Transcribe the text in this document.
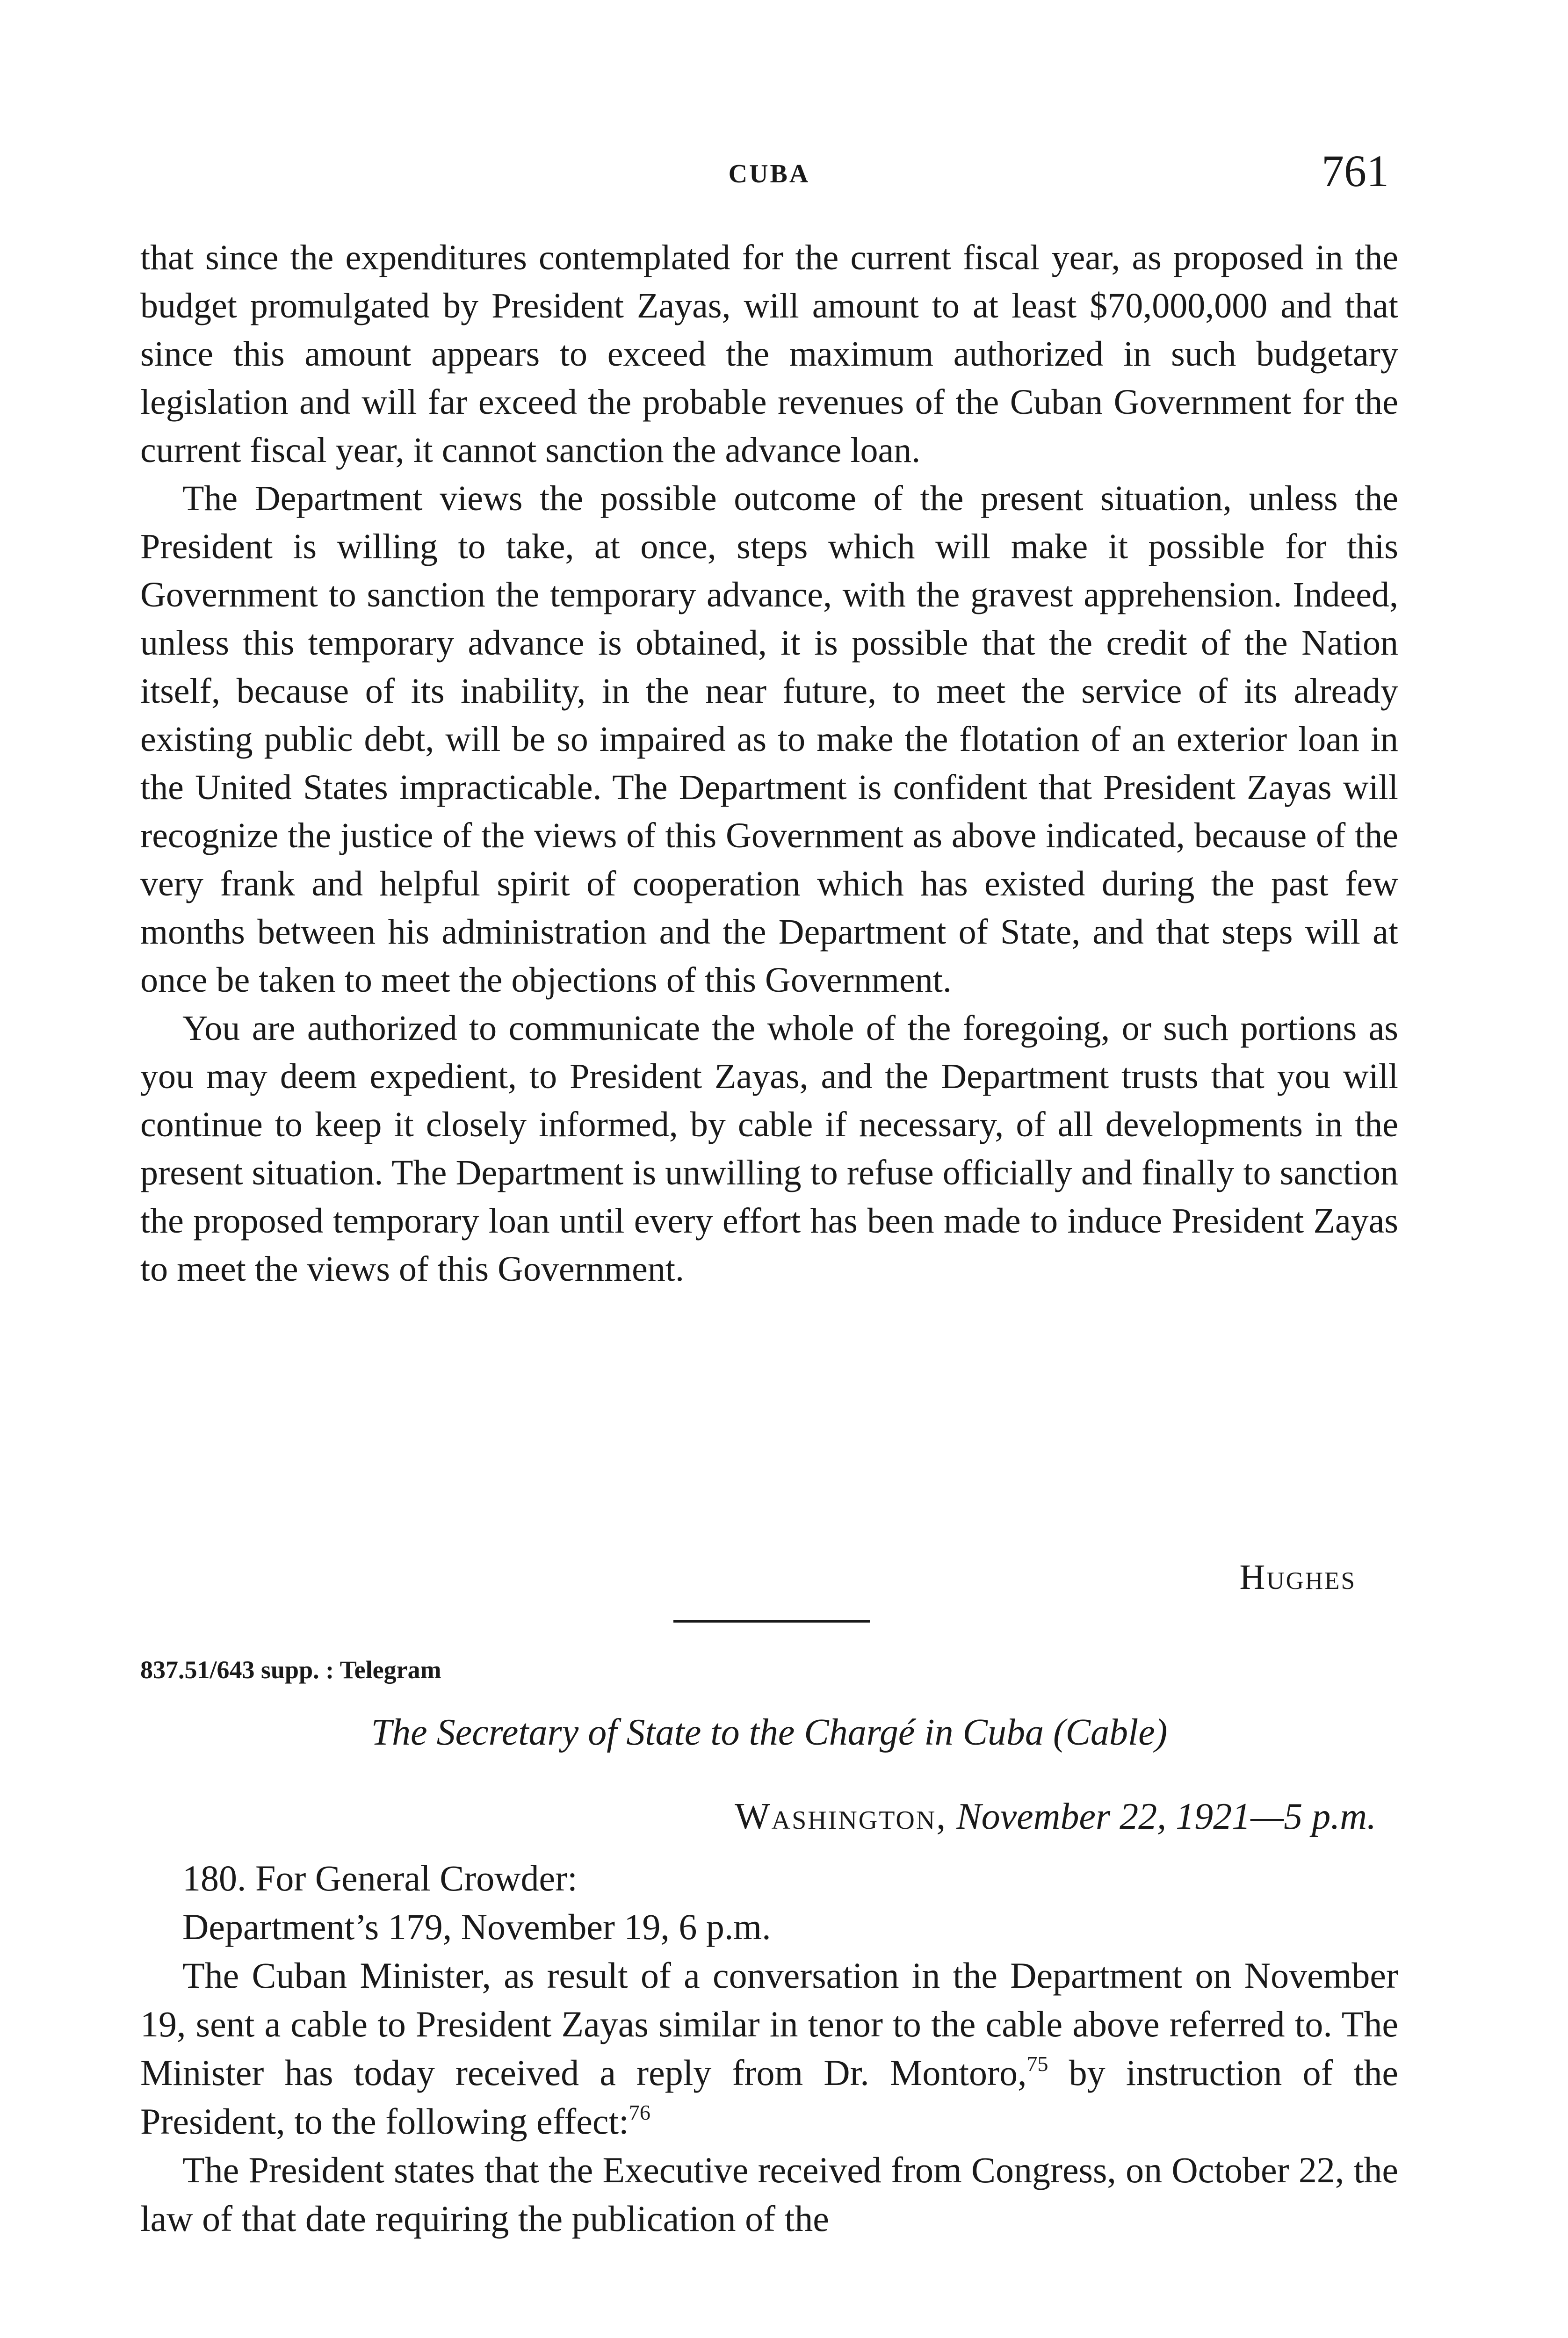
CUBA	761

that since the expenditures contemplated for the current fiscal year, as proposed in the budget promulgated by President Zayas, will amount to at least $70,000,000 and that since this amount appears to exceed the maximum authorized in such budgetary legislation and will far exceed the probable revenues of the Cuban Government for the current fiscal year, it cannot sanction the advance loan.

The Department views the possible outcome of the present situation, unless the President is willing to take, at once, steps which will make it possible for this Government to sanction the temporary advance, with the gravest apprehension. Indeed, unless this temporary advance is obtained, it is possible that the credit of the Nation itself, because of its inability, in the near future, to meet the service of its already existing public debt, will be so impaired as to make the flotation of an exterior loan in the United States impracticable. The Department is confident that President Zayas will recognize the justice of the views of this Government as above indicated, because of the very frank and helpful spirit of cooperation which has existed during the past few months between his administration and the Department of State, and that steps will at once be taken to meet the objections of this Government.

You are authorized to communicate the whole of the foregoing, or such portions as you may deem expedient, to President Zayas, and the Department trusts that you will continue to keep it closely informed, by cable if necessary, of all developments in the present situation. The Department is unwilling to refuse officially and finally to sanction the proposed temporary loan until every effort has been made to induce President Zayas to meet the views of this Government.

Hughes
837.51/643 supp. : Telegram
The Secretary of State to the Chargé in Cuba (Cable)
Washington, November 22, 1921—5 p.m.

180. For General Crowder:

Department’s 179, November 19, 6 p.m.

The Cuban Minister, as result of a conversation in the Department on November 19, sent a cable to President Zayas similar in tenor to the cable above referred to. The Minister has today received a reply from Dr. Montoro,$^{75}$ by instruction of the President, to the following effect:$^{76}$

The President states that the Executive received from Congress, on October 22, the law of that date requiring the publication of the
